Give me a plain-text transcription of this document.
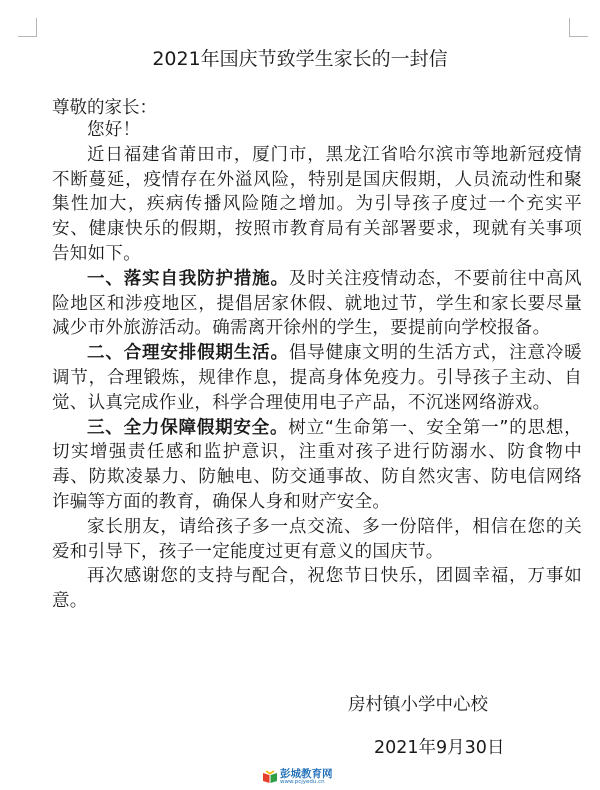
2021年国庆节致学生家长的一封信
尊敬的家长：

您好！

近日福建省莆田市，厦门市，黑龙江省哈尔滨市等地新冠疫情不断蔓延，疫情存在外溢风险，特别是国庆假期，人员流动性和聚集性加大，疾病传播风险随之增加。为引导孩子度过一个充实平安、健康快乐的假期，按照市教育局有关部署要求，现就有关事项告知如下。

一、落实自我防护措施。及时关注疫情动态，不要前往中高风险地区和涉疫地区，提倡居家休假、就地过节，学生和家长要尽量减少市外旅游活动。确需离开徐州的学生，要提前向学校报备。

二、合理安排假期生活。倡导健康文明的生活方式，注意冷暖调节，合理锻炼，规律作息，提高身体免疫力。引导孩子主动、自觉、认真完成作业，科学合理使用电子产品，不沉迷网络游戏。

三、全力保障假期安全。树立“生命第一、安全第一”的思想，切实增强责任感和监护意识，注重对孩子进行防溺水、防食物中毒、防欺凌暴力、防触电、防交通事故、防自然灾害、防电信网络诈骗等方面的教育，确保人身和财产安全。

家长朋友，请给孩子多一点交流、多一份陪伴，相信在您的关爱和引导下，孩子一定能度过更有意义的国庆节。

再次感谢您的支持与配合，祝您节日快乐，团圆幸福，万事如意。

房村镇小学中心校
2021年9月30日
彭城教育网
www.pcjyedu.cn
